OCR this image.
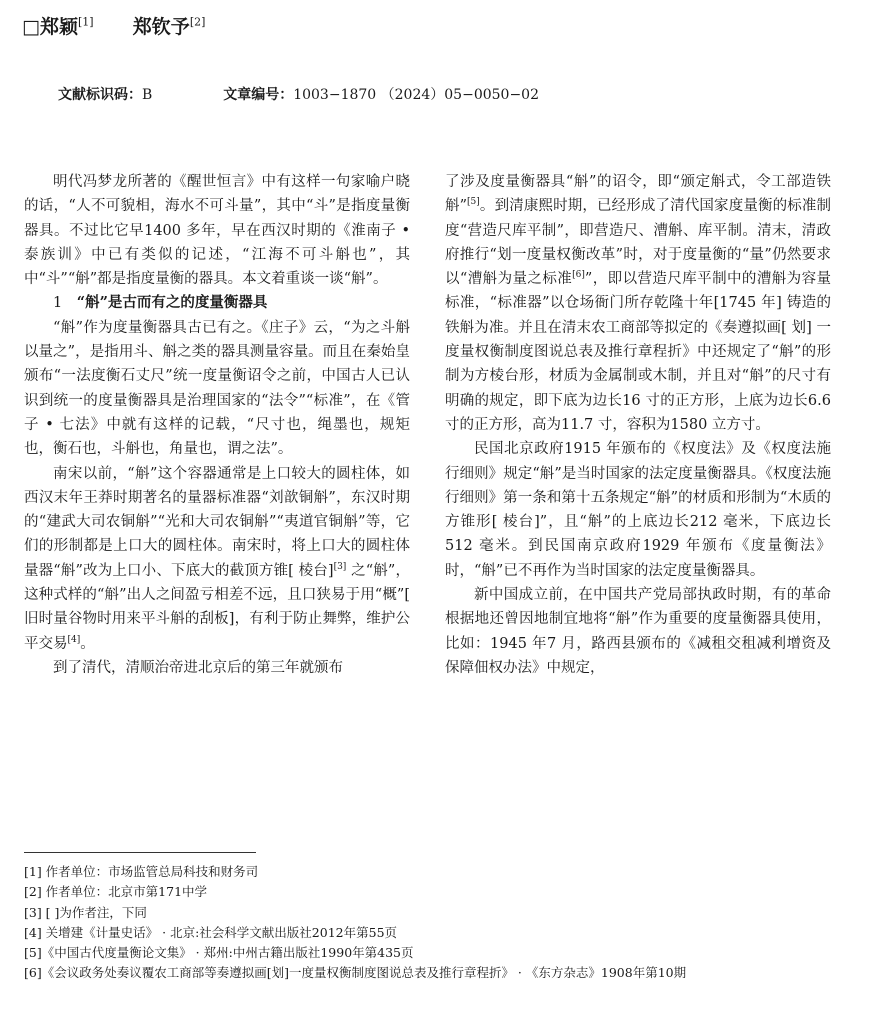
□郑颖[1] 郑钦予[2]
文献标识码：B	文章编号：1003−1870 （2024）05−0050−02

明代冯梦龙所著的《醒世恒言》中有这样一句家喻户晓的话，“人不可貌相，海水不可斗量”，其中“斗”是指度量衡器具。不过比它早1400 多年，早在西汉时期的《淮南子 • 泰族训》中已有类似的记述，“江海不可斗斛也”，其中“斗”“斛”都是指度量衡的器具。本文着重谈一谈“斛”。

1 “斛”是古而有之的度量衡器具

“斛”作为度量衡器具古已有之。《庄子》云，“为之斗斛以量之”，是指用斗、斛之类的器具测量容量。而且在秦始皇颁布“一法度衡石丈尺”统一度量衡诏令之前，中国古人已认识到统一的度量衡器具是治理国家的“法令”“标准”，在《管子 • 七法》中就有这样的记载，“尺寸也，绳墨也，规矩也，衡石也，斗斛也，角量也，谓之法”。

南宋以前，“斛”这个容器通常是上口较大的圆柱体，如西汉末年王莽时期著名的量器标准器“刘歆铜斛”，东汉时期的“建武大司农铜斛”“光和大司农铜斛”“夷道官铜斛”等，它们的形制都是上口大的圆柱体。南宋时，将上口大的圆柱体量器“斛”改为上口小、下底大的截顶方锥[ 棱台][3] 之“斛”，这种式样的“斛”出人之间盈亏相差不远，且口狭易于用“概”[ 旧时量谷物时用来平斗斛的刮板]，有利于防止舞弊，维护公平交易[4]。

到了清代，清顺治帝进北京后的第三年就颁布

了涉及度量衡器具“斛”的诏令，即“颁定斛式，令工部造铁斛”[5]。到清康熙时期，已经形成了清代国家度量衡的标准制度“营造尺库平制”，即营造尺、漕斛、库平制。清末，清政府推行“划一度量权衡改革”时，对于度量衡的“量”仍然要求以“漕斛为量之标准[6]”，即以营造尺库平制中的漕斛为容量标准，“标准器”以仓场衙门所存乾隆十年[1745 年] 铸造的铁斛为准。并且在清末农工商部等拟定的《奏遵拟画[ 划] 一度量权衡制度图说总表及推行章程折》中还规定了“斛”的形制为方棱台形，材质为金属制或木制，并且对“斛”的尺寸有明确的规定，即下底为边长16 寸的正方形，上底为边长6.6 寸的正方形，高为11.7 寸，容积为1580 立方寸。

民国北京政府1915 年颁布的《权度法》及《权度法施行细则》规定“斛”是当时国家的法定度量衡器具。《权度法施行细则》第一条和第十五条规定“斛”的材质和形制为“木质的方锥形[ 棱台]”，且“斛”的上底边长212 毫米，下底边长512 毫米。到民国南京政府1929 年颁布《度量衡法》时，“斛”已不再作为当时国家的法定度量衡器具。

新中国成立前，在中国共产党局部执政时期，有的革命根据地还曾因地制宜地将“斛”作为重要的度量衡器具使用，比如：1945 年7 月，路西县颁布的《减租交租减利增资及保障佃权办法》中规定，

[1] 作者单位：市场监管总局科技和财务司
[2] 作者单位：北京市第171中学
[3] [ ]为作者注，下同
[4] 关增建《计量史话》 · 北京:社会科学文献出版社2012年第55页
[5]《中国古代度量衡论文集》 · 郑州:中州古籍出版社1990年第435页
[6]《会议政务处奏议覆农工商部等奏遵拟画[划]一度量权衡制度图说总表及推行章程折》 · 《东方杂志》1908年第10期
